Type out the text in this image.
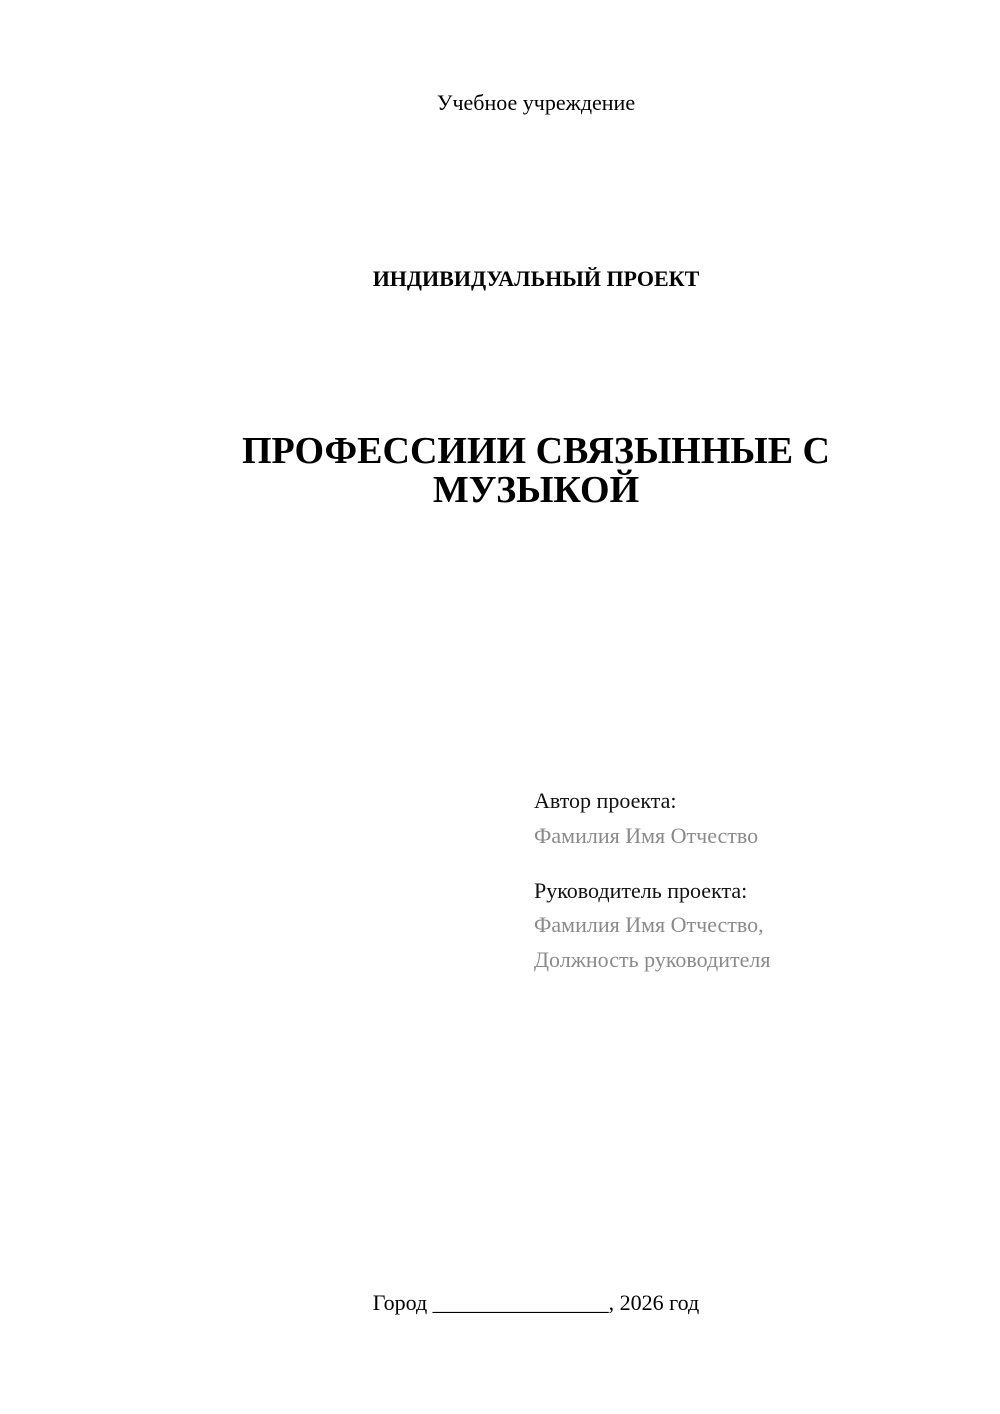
Учебное учреждение

ИНДИВИДУАЛЬНЫЙ ПРОЕКТ

ПРОФЕССИИИ СВЯЗЫННЫЕ С
МУЗЫКОЙ
Автор проекта:
Фамилия Имя Отчество
Руководитель проекта:
Фамилия Имя Отчество,
Должность руководителя
Город ________________, 2026 год
